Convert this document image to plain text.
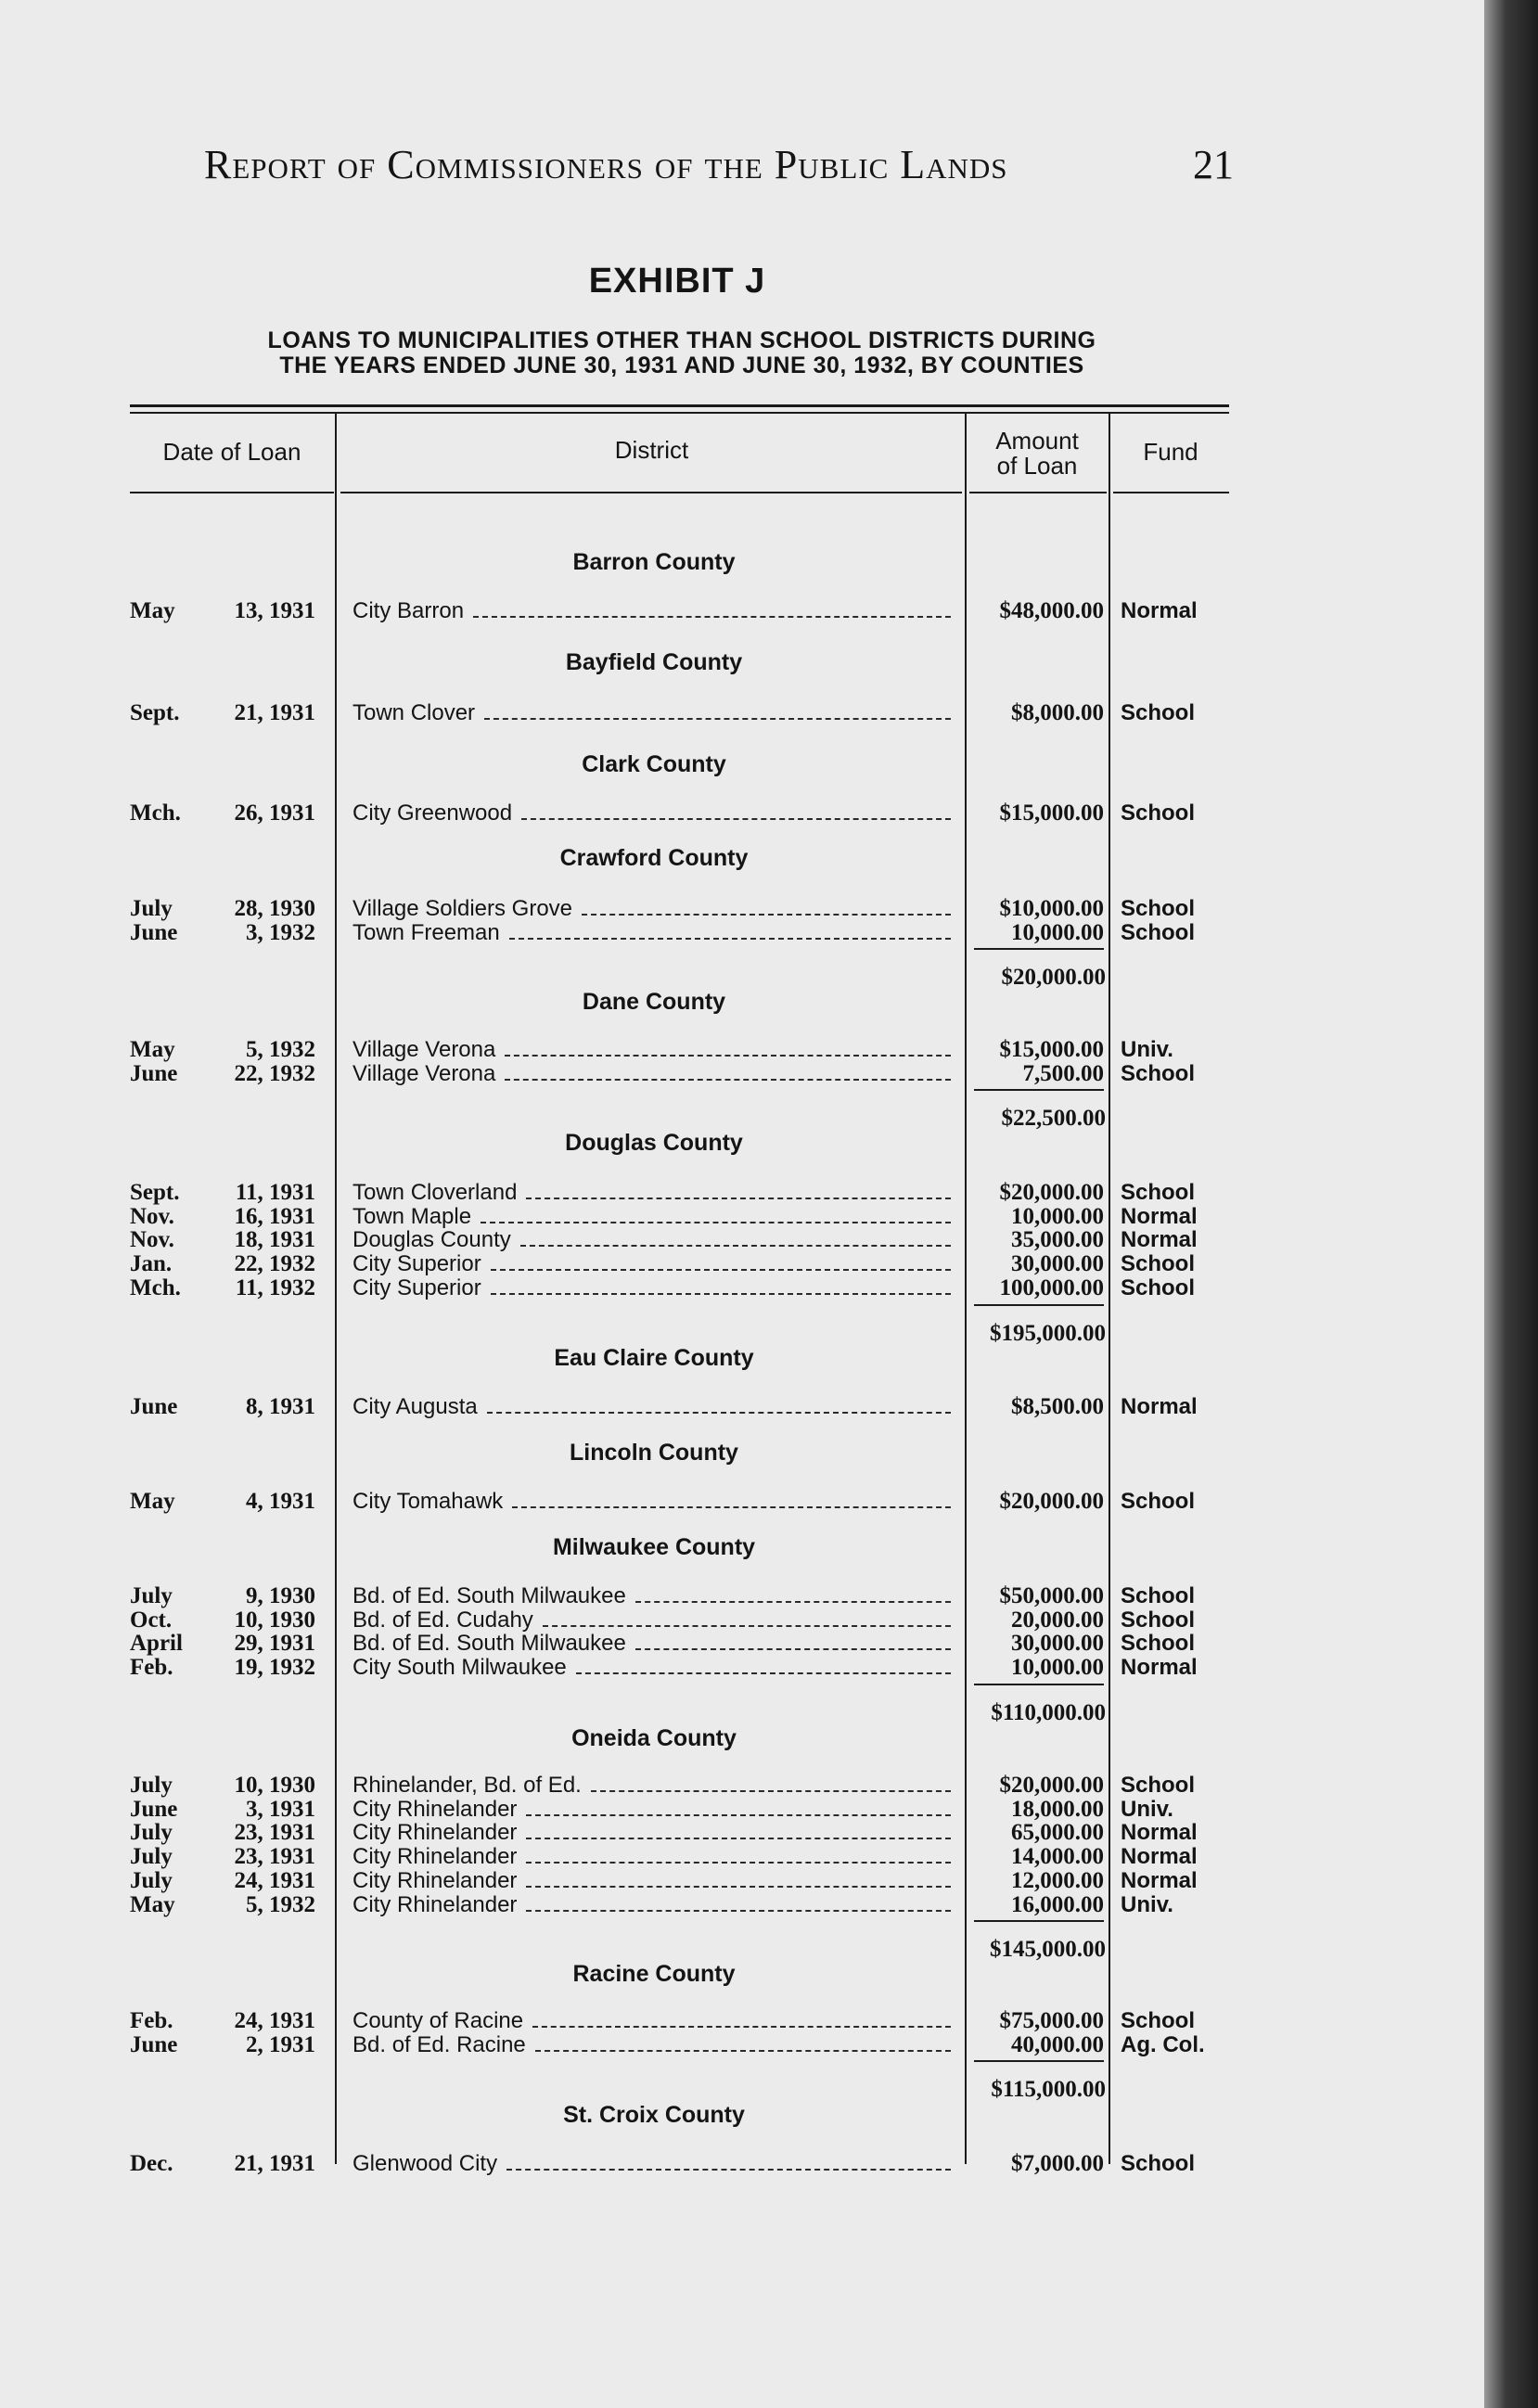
Report of Commissioners of the Public Lands	21
EXHIBIT J
LOANS TO MUNICIPALITIES OTHER THAN SCHOOL DISTRICTS DURING
THE YEARS ENDED JUNE 30, 1931 AND JUNE 30, 1932, BY COUNTIES
Date of Loan	District	Amount
of Loan	Fund
Barron County
May	13, 1931 City Barron	$48,000.00 Normal
Bayfield County
Sept. 21, 1931 Town Clover	$8,000.00 School
Clark County
Mch. 26, 1931 City Greenwood	$15,000.00 School
Crawford County
July	28, 1930 Village Soldiers Grove	$10,000.00 School
June	3, 1932 Town Freeman	10,000.00 School
$20,000.00
Dane County
May	5, 1932 Village Verona	$15,000.00 Univ.
June 22, 1932 Village Verona	7,500.00 School
$22,500.00
Douglas County
Sept. 11, 1931 Town Cloverland	$20,000.00 School
Nov.	16, 1931 Town Maple	10,000.00 Normal
Nov.	18, 1931 Douglas County	35,000.00 Normal
Jan.	22, 1932 City Superior	30,000.00 School
Mch. 11, 1932 City Superior	100,000.00 School
$195,000.00
Eau Claire County
June	8, 1931 City Augusta	$8,500.00 Normal
Lincoln County
May	4, 1931 City Tomahawk	$20,000.00 School
Milwaukee County
July	9, 1930 Bd. of Ed. South Milwaukee	$50,000.00 School
Oct.	10, 1930 Bd. of Ed. Cudahy	20,000.00 School
April 29, 1931 Bd. of Ed. South Milwaukee	30,000.00 School
Feb.	19, 1932 City South Milwaukee	10,000.00 Normal
$110,000.00
Oneida County
July	10, 1930 Rhinelander, Bd. of Ed.	$20,000.00 School
June	3, 1931 City Rhinelander	18,000.00 Univ.
July	23, 1931 City Rhinelander	65,000.00 Normal
July	23, 1931 City Rhinelander	14,000.00 Normal
July	24, 1931 City Rhinelander	12,000.00 Normal
May	5, 1932 City Rhinelander	16,000.00 Univ.
$145,000.00
Racine County
Feb.	24, 1931 County of Racine	$75,000.00 School
June	2, 1931 Bd. of Ed. Racine	40,000.00 Ag. Col.
$115,000.00
St. Croix County
Dec.	21, 1931 Glenwood City	$7,000.00 School
